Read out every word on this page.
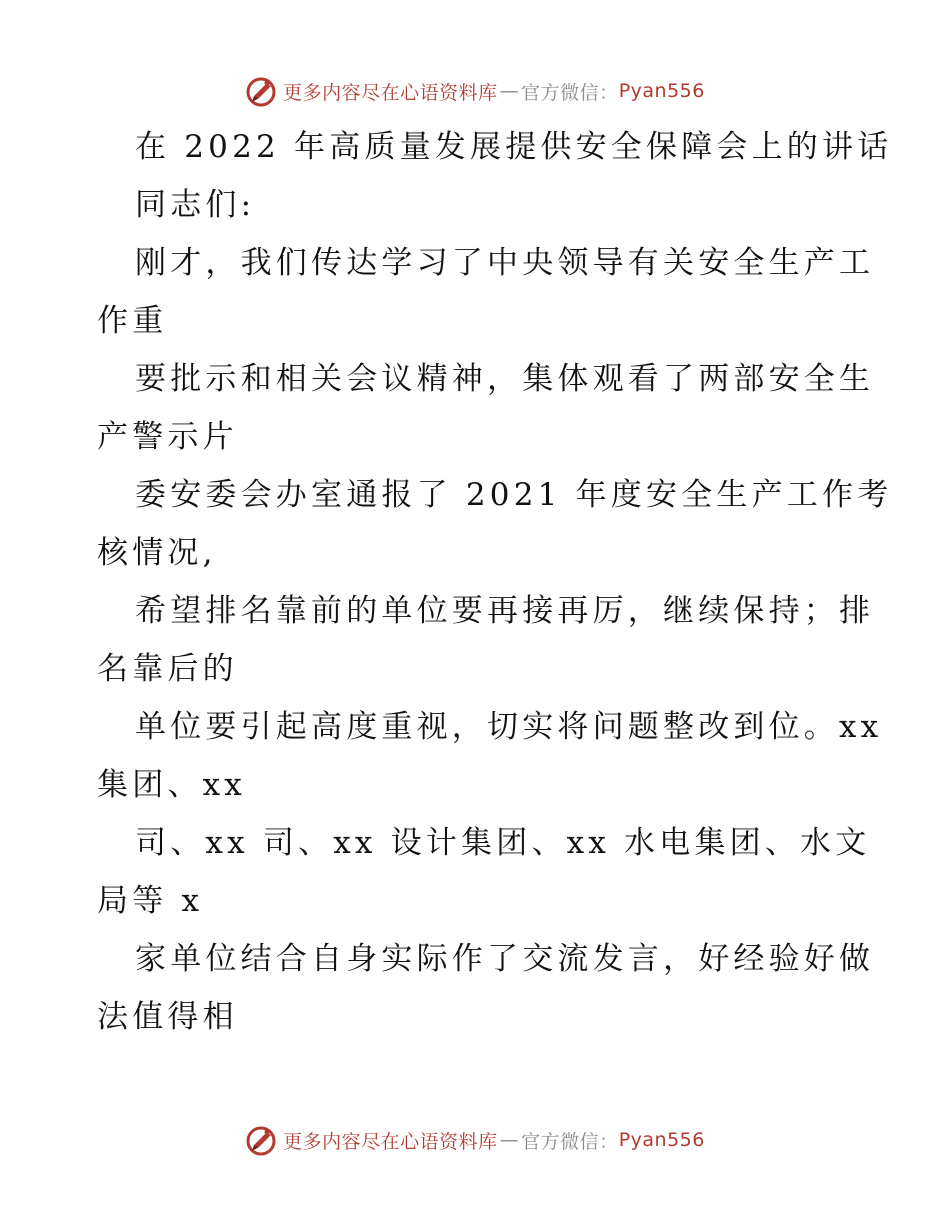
更多内容尽在心语资料库 — 官方微信： Pyan556
在 2022 年高质量发展提供安全保障会上的讲话
同志们:
刚才，我们传达学习了中央领导有关安全生产工
作重
要批示和相关会议精神，集体观看了两部安全生
产警示片
委安委会办室通报了 2021 年度安全生产工作考
核情况,
希望排名靠前的单位要再接再厉，继续保持；排
名靠后的
单位要引起高度重视，切实将问题整改到位。xx
集团、xx
司、xx 司、xx 设计集团、xx 水电集团、水文
局等 x
家单位结合自身实际作了交流发言，好经验好做
法值得相
更多内容尽在心语资料库 — 官方微信： Pyan556
